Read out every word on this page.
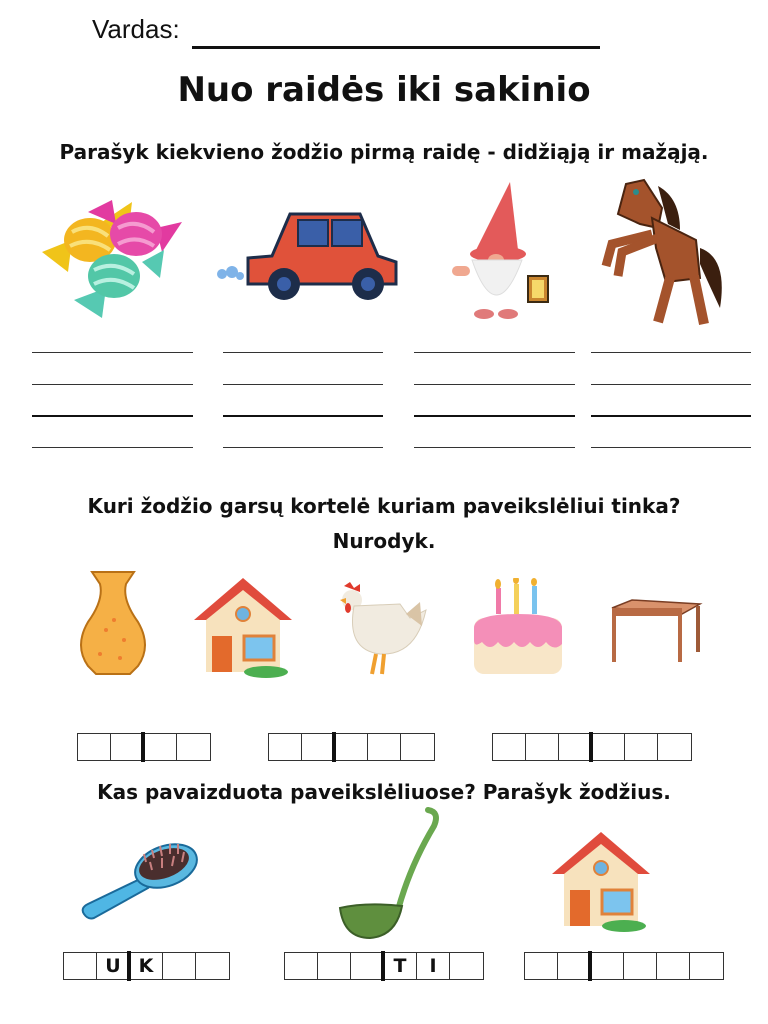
Vardas:
Nuo raidės iki sakinio
Parašyk kiekvieno žodžio pirmą raidę - didžiąją ir mažąją.
Kuri žodžio garsų kortelė kuriam paveikslėliui tinka?
Nurodyk.
Kas pavaizduota paveikslėliuose? Parašyk žodžius.
U K	T	I
